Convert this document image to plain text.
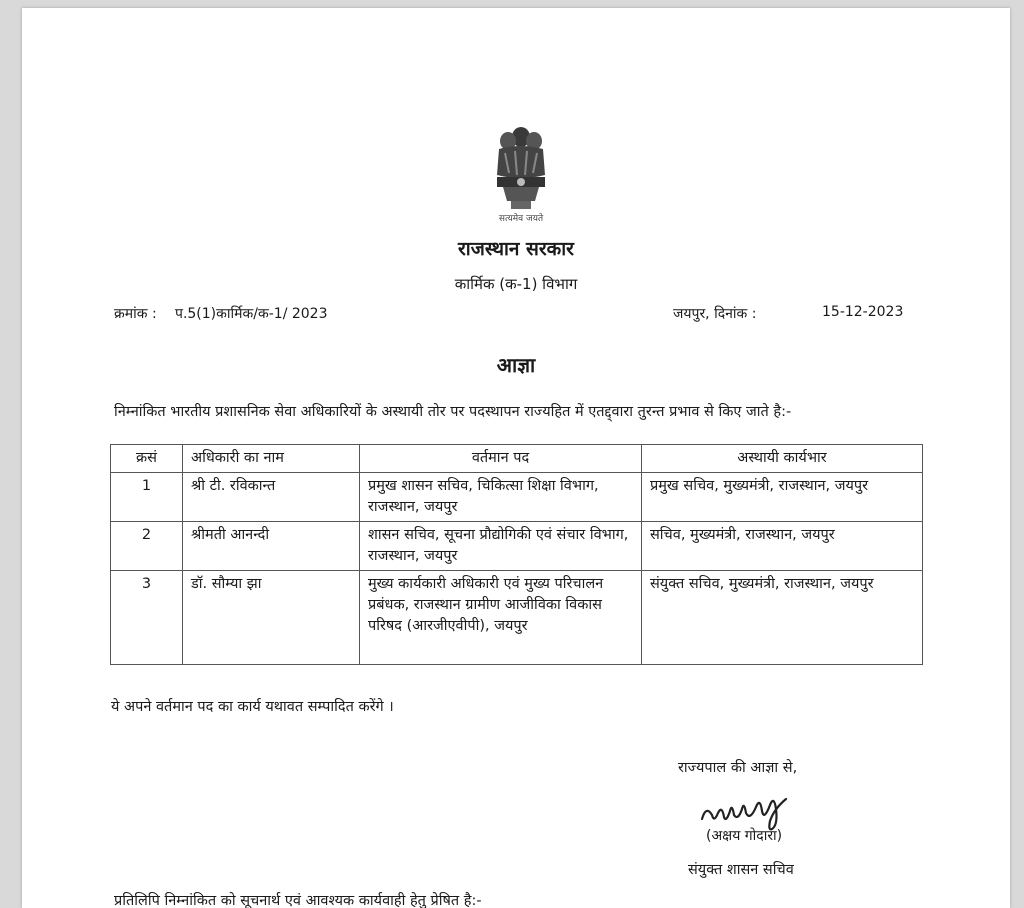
सत्यमेव जयते
राजस्थान सरकार
कार्मिक (क-1) विभाग
क्रमांक : प.5(1)कार्मिक/क-1/ 2023	जयपुर, दिनांक :	15-12-2023
आज्ञा
निम्नांकित भारतीय प्रशासनिक सेवा अधिकारियों के अस्थायी तोर पर पदस्थापन राज्यहित में एतद्द्वारा तुरन्त प्रभाव से किए जाते है:-
क्रसं	अधिकारी का नाम	वर्तमान पद	अस्थायी कार्यभार
1	श्री टी. रविकान्त	प्रमुख शासन सचिव, चिकित्सा शिक्षा विभाग, राजस्थान, जयपुर	प्रमुख सचिव, मुख्यमंत्री, राजस्थान, जयपुर
2	श्रीमती आनन्दी	शासन सचिव, सूचना प्रौद्योगिकी एवं संचार विभाग, राजस्थान, जयपुर	सचिव, मुख्यमंत्री, राजस्थान, जयपुर
3	डॉ. सौम्या झा	मुख्य कार्यकारी अधिकारी एवं मुख्य परिचालन प्रबंधक, राजस्थान ग्रामीण आजीविका विकास परिषद (आरजीएवीपी), जयपुर	संयुक्त सचिव, मुख्यमंत्री, राजस्थान, जयपुर
ये अपने वर्तमान पद का कार्य यथावत सम्पादित करेंगे ।
राज्यपाल की आज्ञा से,
(अक्षय गोदारा)
संयुक्त शासन सचिव
प्रतिलिपि निम्नांकित को सूचनार्थ एवं आवश्यक कार्यवाही हेतु प्रेषित है:-
